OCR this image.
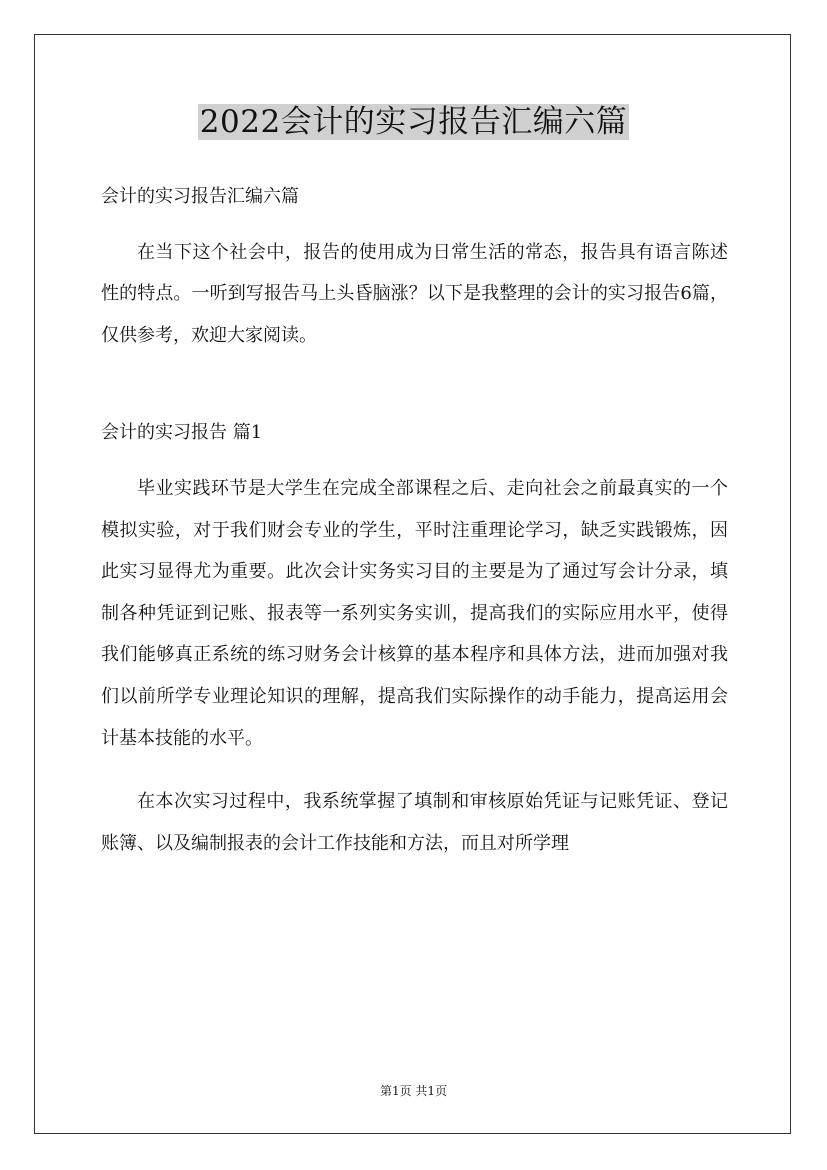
2022会计的实习报告汇编六篇

会计的实习报告汇编六篇

在当下这个社会中，报告的使用成为日常生活的常态，报告具有语言陈述性的特点。一听到写报告马上头昏脑涨？以下是我整理的会计的实习报告6篇，仅供参考，欢迎大家阅读。

会计的实习报告 篇1

毕业实践环节是大学生在完成全部课程之后、走向社会之前最真实的一个模拟实验，对于我们财会专业的学生，平时注重理论学习，缺乏实践锻炼，因此实习显得尤为重要。此次会计实务实习目的主要是为了通过写会计分录，填制各种凭证到记账、报表等一系列实务实训，提高我们的实际应用水平，使得我们能够真正系统的练习财务会计核算的基本程序和具体方法，进而加强对我们以前所学专业理论知识的理解，提高我们实际操作的动手能力，提高运用会计基本技能的水平。

在本次实习过程中，我系统掌握了填制和审核原始凭证与记账凭证、登记账簿、以及编制报表的会计工作技能和方法，而且对所学理

第1页 共1页
